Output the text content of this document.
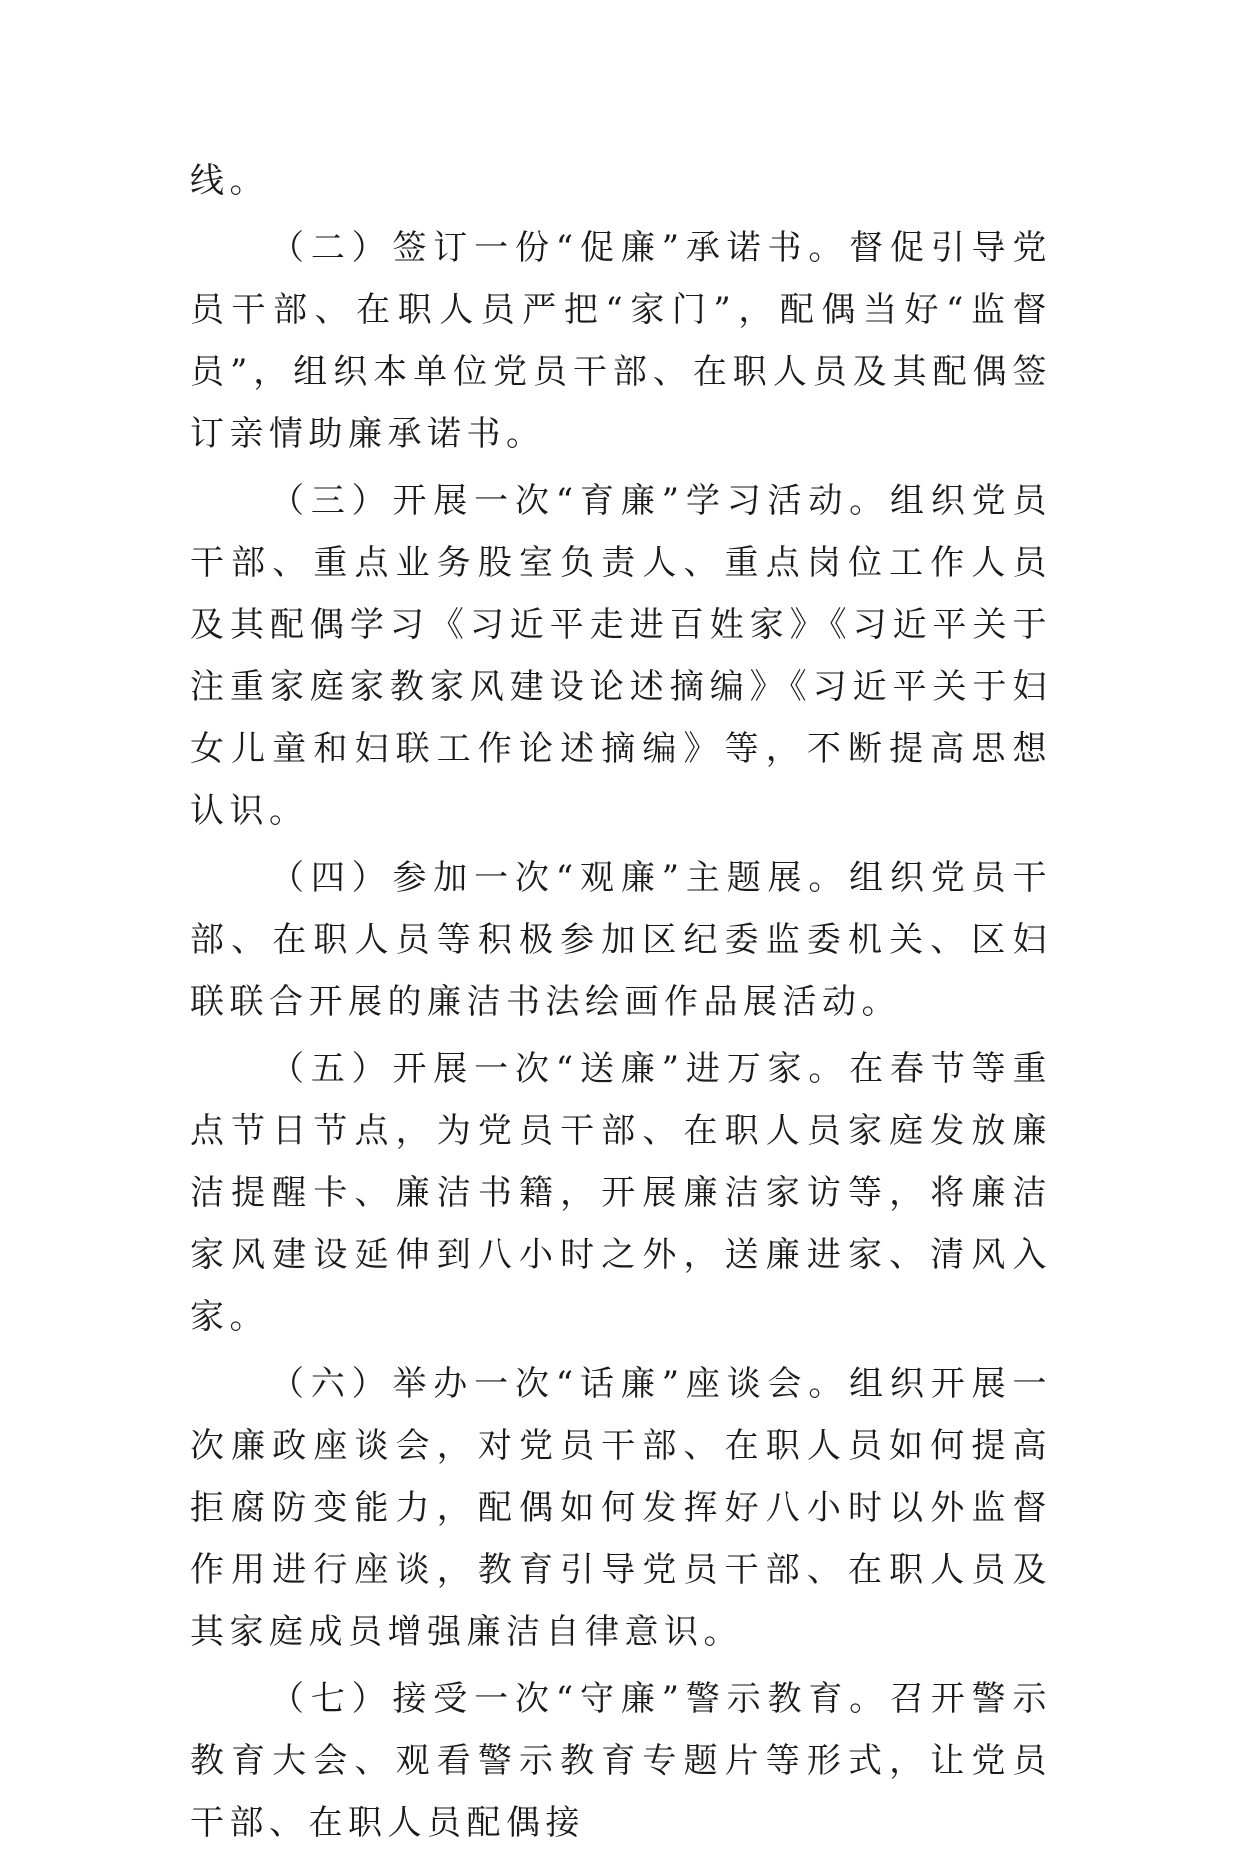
线。

（二）签订一份“促廉”承诺书。督促引导党员干部、在职人员严把“家门”，配偶当好“监督员”，组织本单位党员干部、在职人员及其配偶签订亲情助廉承诺书。

（三）开展一次“育廉”学习活动。组织党员干部、重点业务股室负责人、重点岗位工作人员及其配偶学习《习近平走进百姓家》《习近平关于注重家庭家教家风建设论述摘编》《习近平关于妇女儿童和妇联工作论述摘编》等，不断提高思想认识。

（四）参加一次“观廉”主题展。组织党员干部、在职人员等积极参加区纪委监委机关、区妇联联合开展的廉洁书法绘画作品展活动。

（五）开展一次“送廉”进万家。在春节等重点节日节点，为党员干部、在职人员家庭发放廉洁提醒卡、廉洁书籍，开展廉洁家访等，将廉洁家风建设延伸到八小时之外，送廉进家、清风入家。

（六）举办一次“话廉”座谈会。组织开展一次廉政座谈会，对党员干部、在职人员如何提高拒腐防变能力，配偶如何发挥好八小时以外监督作用进行座谈，教育引导党员干部、在职人员及其家庭成员增强廉洁自律意识。

（七）接受一次“守廉”警示教育。召开警示教育大会、观看警示教育专题片等形式，让党员干部、在职人员配偶接
